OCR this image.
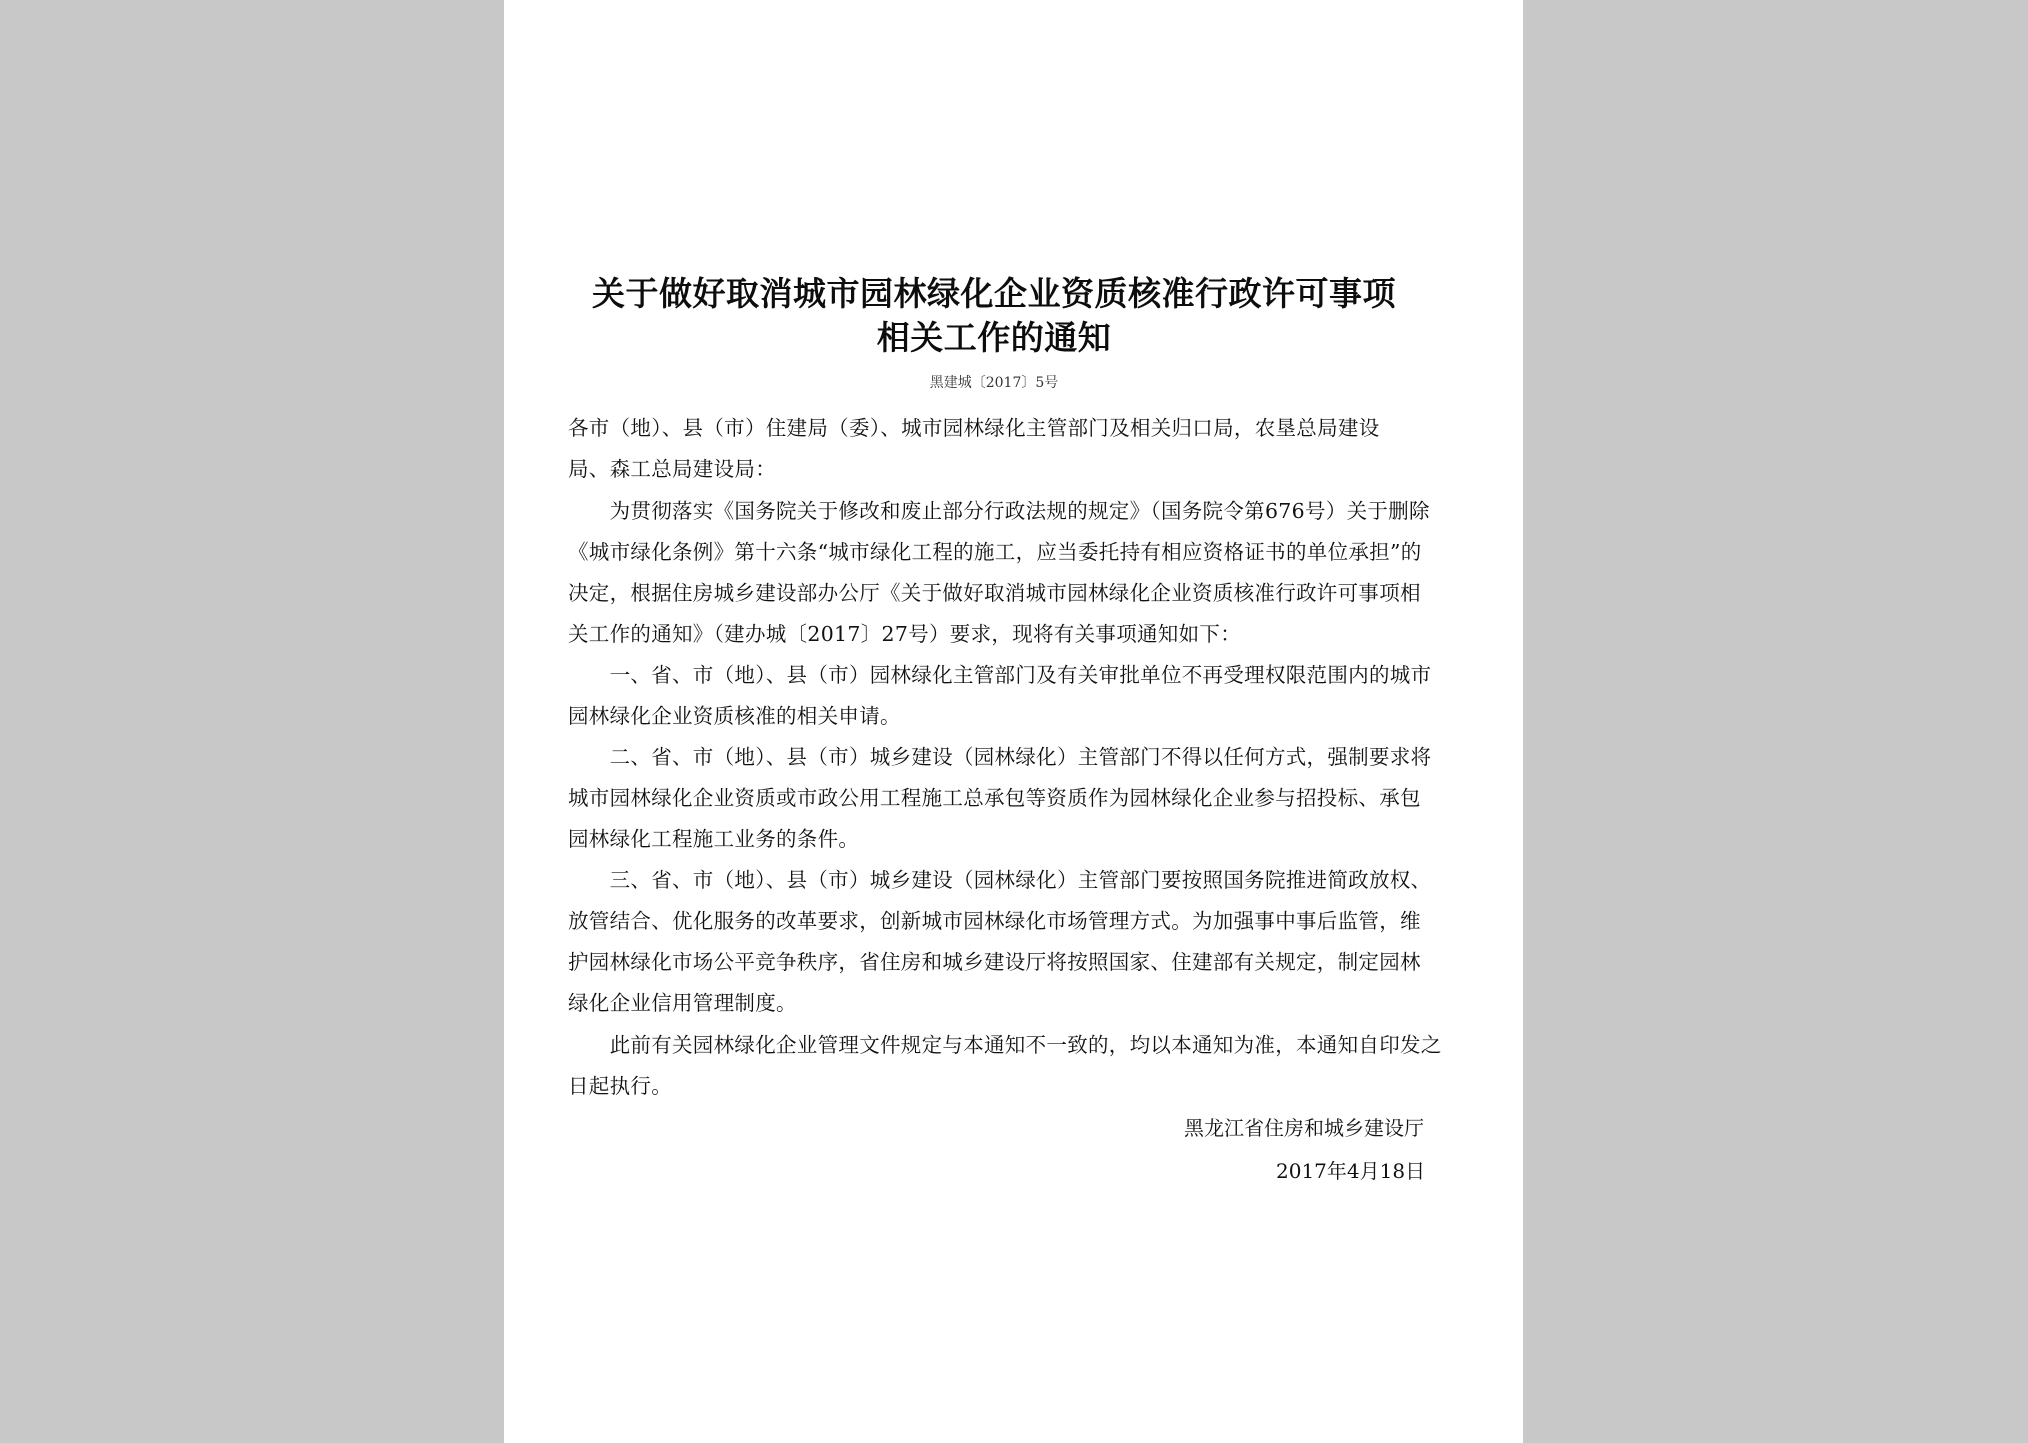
关于做好取消城市园林绿化企业资质核准行政许可事项
相关工作的通知
黑建城〔2017〕5号
各市（地）、县（市）住建局（委）、城市园林绿化主管部门及相关归口局，农垦总局建设
局、森工总局建设局：
　　为贯彻落实《国务院关于修改和废止部分行政法规的规定》（国务院令第676号）关于删除
《城市绿化条例》第十六条“城市绿化工程的施工，应当委托持有相应资格证书的单位承担”的
决定，根据住房城乡建设部办公厅《关于做好取消城市园林绿化企业资质核准行政许可事项相
关工作的通知》（建办城〔2017〕27号）要求，现将有关事项通知如下：
　　一、省、市（地）、县（市）园林绿化主管部门及有关审批单位不再受理权限范围内的城市
园林绿化企业资质核准的相关申请。
　　二、省、市（地）、县（市）城乡建设（园林绿化）主管部门不得以任何方式，强制要求将
城市园林绿化企业资质或市政公用工程施工总承包等资质作为园林绿化企业参与招投标、承包
园林绿化工程施工业务的条件。
　　三、省、市（地）、县（市）城乡建设（园林绿化）主管部门要按照国务院推进简政放权、
放管结合、优化服务的改革要求，创新城市园林绿化市场管理方式。为加强事中事后监管，维
护园林绿化市场公平竞争秩序，省住房和城乡建设厅将按照国家、住建部有关规定，制定园林
绿化企业信用管理制度。
　　此前有关园林绿化企业管理文件规定与本通知不一致的，均以本通知为准，本通知自印发之
日起执行。
黑龙江省住房和城乡建设厅
2017年4月18日
